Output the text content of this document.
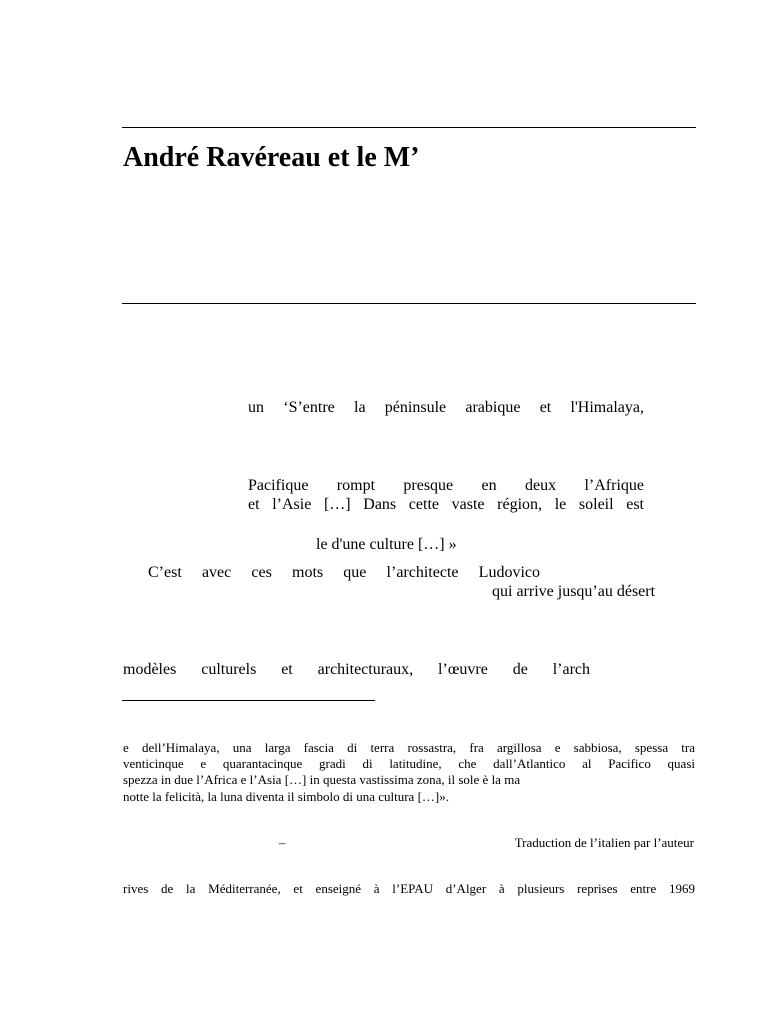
André Ravéreau et le M’
un ‘S’entre la péninsule arabique et l'Himalaya,
Pacifique rompt presque en deux l’Afrique
et l’Asie […] Dans cette vaste région, le soleil est
le d'une culture […] »
C’est avec ces mots que l’architecte Ludovico
qui arrive jusqu’au désert
modèles culturels et architecturaux, l’œuvre de l’arch
e dell’Himalaya, una larga fascia di terra rossastra, fra argillosa e sabbiosa, spessa tra
venticinque e quarantacinque gradi di latitudine, che dall’Atlantico al Pacifico quasi
spezza in due l’Africa e l’Asia […] in questa vastissima zona, il sole è la ma
notte la felicità, la luna diventa il simbolo di una cultura […]».
–	Traduction de l’italien par l’auteur
rives de la Méditerranée, et enseigné à l’EPAU d’Alger à plusieurs reprises entre 1969
